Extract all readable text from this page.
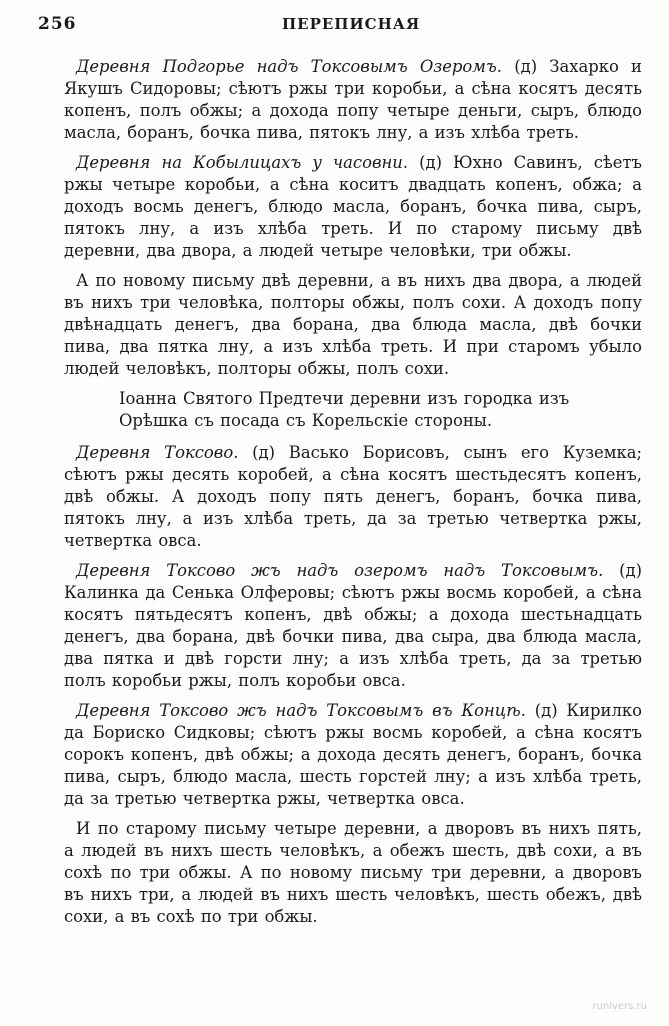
256	ПЕРЕПИСНАЯ

Деревня Подгорье надъ Токсовымъ Озеромъ. (д) Захарко и Якушъ Сидоровы; сѣютъ ржы три коробьи, а сѣна косятъ десять копенъ, полъ обжы; а дохода попу четыре деньги, сыръ, блюдо масла, боранъ, бочка пива, пятокъ лну, а изъ хлѣба треть.

Деревня на Кобылицахъ у часовни. (д) Юхно Савинъ, сѣетъ ржы четыре коробьи, а сѣна коситъ двадцать копенъ, обжа; а доходъ восмь денегъ, блюдо масла, боранъ, бочка пива, сыръ, пятокъ лну, а изъ хлѣба треть. И по старому письму двѣ деревни, два двора, а людей четыре человѣки, три обжы.

А по новому письму двѣ деревни, а въ нихъ два двора, а людей въ нихъ три человѣка, полторы обжы, полъ сохи. А доходъ попу двѣнадцать денегъ, два борана, два блюда масла, двѣ бочки пива, два пятка лну, а изъ хлѣба треть. И при старомъ убыло людей человѣкъ, полторы обжы, полъ сохи.

Іоанна Святого Предтечи деревни изъ городка изъ Орѣшка съ посада съ Корельскіе стороны.

Деревня Токсово. (д) Васько Борисовъ, сынъ его Куземка; сѣютъ ржы десять коробей, а сѣна косятъ шестьдесятъ копенъ, двѣ обжы. А доходъ попу пять денегъ, боранъ, бочка пива, пятокъ лну, а изъ хлѣба треть, да за третью четвертка ржы, четвертка овса.

Деревня Токсово жъ надъ озеромъ надъ Токсовымъ. (д) Калинка да Сенька Олферовы; сѣютъ ржы восмь коробей, а сѣна косятъ пятьдесятъ копенъ, двѣ обжы; а дохода шестьнадцать денегъ, два борана, двѣ бочки пива, два сыра, два блюда масла, два пятка и двѣ горсти лну; а изъ хлѣба треть, да за третью полъ коробьи ржы, полъ коробьи овса.

Деревня Токсово жъ надъ Токсовымъ въ Концѣ. (д) Кирилко да Бориско Сидковы; сѣютъ ржы восмь коробей, а сѣна косятъ сорокъ копенъ, двѣ обжы; а дохода десять денегъ, боранъ, бочка пива, сыръ, блюдо масла, шесть горстей лну; а изъ хлѣба треть, да за третью четвертка ржы, четвертка овса.

И по старому письму четыре деревни, а дворовъ въ нихъ пять, а людей въ нихъ шесть человѣкъ, а обежъ шесть, двѣ сохи, а въ сохѣ по три обжы. А по новому письму три деревни, а дворовъ въ нихъ три, а людей въ нихъ шесть человѣкъ, шесть обежъ, двѣ сохи, а въ сохѣ по три обжы.

runivers.ru
